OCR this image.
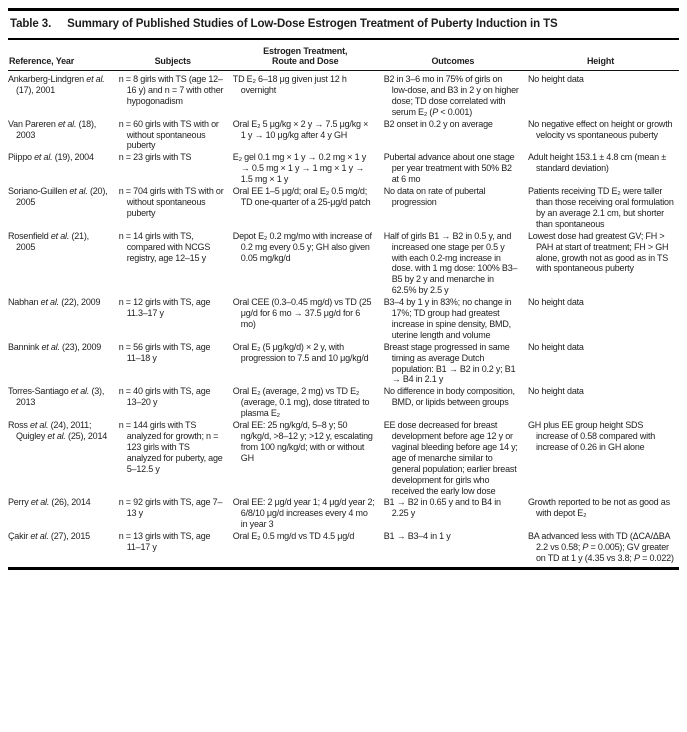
Table 3. Summary of Published Studies of Low-Dose Estrogen Treatment of Puberty Induction in TS
Reference, Year	Subjects	Estrogen Treatment, Route and Dose	Outcomes	Height

Ankarberg-Lindgren et al. (17), 2001	n = 8 girls with TS (age 12–16 y) and n = 7 with other hypogonadism	TD E₂ 6–18 μg given just 12 h overnight	B2 in 3–6 mo in 75% of girls on low-dose, and B3 in 2 y on higher dose; TD dose correlated with serum E₂ (P < 0.001)	No height data

Van Pareren et al. (18), 2003	n = 60 girls with TS with or without spontaneous puberty	Oral E₂ 5 μg/kg × 2 y → 7.5 μg/kg × 1 y → 10 μg/kg after 4 y GH	B2 onset in 0.2 y on average	No negative effect on height or growth velocity vs spontaneous puberty

Piippo et al. (19), 2004	n = 23 girls with TS	E₂ gel 0.1 mg × 1 y → 0.2 mg × 1 y → 0.5 mg × 1 y → 1 mg × 1 y → 1.5 mg × 1 y	Pubertal advance about one stage per year treatment with 50% B2 at 6 mo	Adult height 153.1 ± 4.8 cm (mean ± standard deviation)

Soriano-Guillen et al. (20), 2005	n = 704 girls with TS with or without spontaneous puberty	Oral EE 1–5 μg/d; oral E₂ 0.5 mg/d; TD one-quarter of a 25-μg/d patch	No data on rate of pubertal progression	Patients receiving TD E₂ were taller than those receiving oral formulation by an average 2.1 cm, but shorter than spontaneous

Rosenfield et al. (21), 2005	n = 14 girls with TS, compared with NCGS registry, age 12–15 y	Depot E₂ 0.2 mg/mo with increase of 0.2 mg every 0.5 y; GH also given 0.05 mg/kg/d	Half of girls B1 → B2 in 0.5 y, and increased one stage per 0.5 y with each 0.2-mg increase in dose. with 1 mg dose: 100% B3–B5 by 2 y and menarche in 62.5% by 2.5 y	Lowest dose had greatest GV; FH > PAH at start of treatment; FH > GH alone, growth not as good as in TS with spontaneous puberty

Nabhan et al. (22), 2009	n = 12 girls with TS, age 11.3–17 y	Oral CEE (0.3–0.45 mg/d) vs TD (25 μg/d for 6 mo → 37.5 μg/d for 6 mo)	B3–4 by 1 y in 83%; no change in 17%; TD group had greatest increase in spine density, BMD, uterine length and volume	No height data

Bannink et al. (23), 2009	n = 56 girls with TS, age 11–18 y	Oral E₂ (5 μg/kg/d) × 2 y, with progression to 7.5 and 10 μg/kg/d	Breast stage progressed in same timing as average Dutch population: B1 → B2 in 0.2 y; B1 → B4 in 2.1 y	No height data

Torres-Santiago et al. (3), 2013	n = 40 girls with TS, age 13–20 y	Oral E₂ (average, 2 mg) vs TD E₂ (average, 0.1 mg), dose titrated to plasma E₂	No difference in body composition, BMD, or lipids between groups	No height data

Ross et al. (24), 2011; Quigley et al. (25), 2014	n = 144 girls with TS analyzed for growth; n = 123 girls with TS analyzed for puberty, age 5–12.5 y	Oral EE: 25 ng/kg/d, 5–8 y; 50 ng/kg/d, >8–12 y; >12 y, escalating from 100 ng/kg/d; with or without GH	EE dose decreased for breast development before age 12 y or vaginal bleeding before age 14 y; age of menarche similar to general population; earlier breast development for girls who received the early low dose	GH plus EE group height SDS increase of 0.58 compared with increase of 0.26 in GH alone

Perry et al. (26), 2014	n = 92 girls with TS, age 7–13 y	Oral EE: 2 μg/d year 1; 4 μg/d year 2; 6/8/10 μg/d increases every 4 mo in year 3	B1 → B2 in 0.65 y and to B4 in 2.25 y	Growth reported to be not as good as with depot E₂

Çakir et al. (27), 2015	n = 13 girls with TS, age 11–17 y	Oral E₂ 0.5 mg/d vs TD 4.5 μg/d	B1 → B3–4 in 1 y	BA advanced less with TD (ΔCA/ΔBA 2.2 vs 0.58; P = 0.005); GV greater on TD at 1 y (4.35 vs 3.8; P = 0.022)
